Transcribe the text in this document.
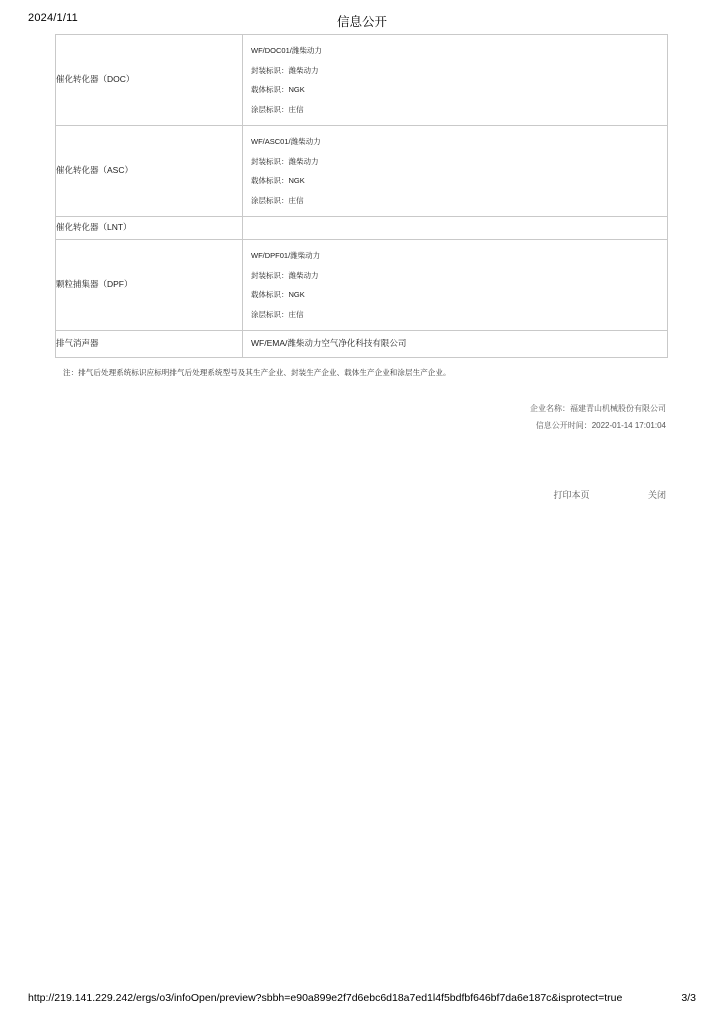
2024/1/11	信息公开
催化转化器（DOC）	WF/DOC01/潍柴动力
封装标识：潍柴动力
载体标识：NGK
涂层标识：庄信

催化转化器（ASC）	WF/ASC01/潍柴动力
封装标识：潍柴动力
载体标识：NGK
涂层标识：庄信

催化转化器（LNT）	
颗粒捕集器（DPF）	WF/DPF01/潍柴动力
封装标识：潍柴动力
载体标识：NGK
涂层标识：庄信

排气消声器	WF/EMA/潍柴动力空气净化科技有限公司
注：排气后处理系统标识应标明排气后处理系统型号及其生产企业、封装生产企业、载体生产企业和涂层生产企业。
企业名称：福建青山机械股份有限公司
信息公开时间：2022-01-14 17:01:04
打印本页	关闭
http://219.141.229.242/ergs/o3/infoOpen/preview?sbbh=e90a899e2f7d6ebc6d18a7ed1l4f5bdfbf646bf7da6e187c&isprotect=true	3/3
